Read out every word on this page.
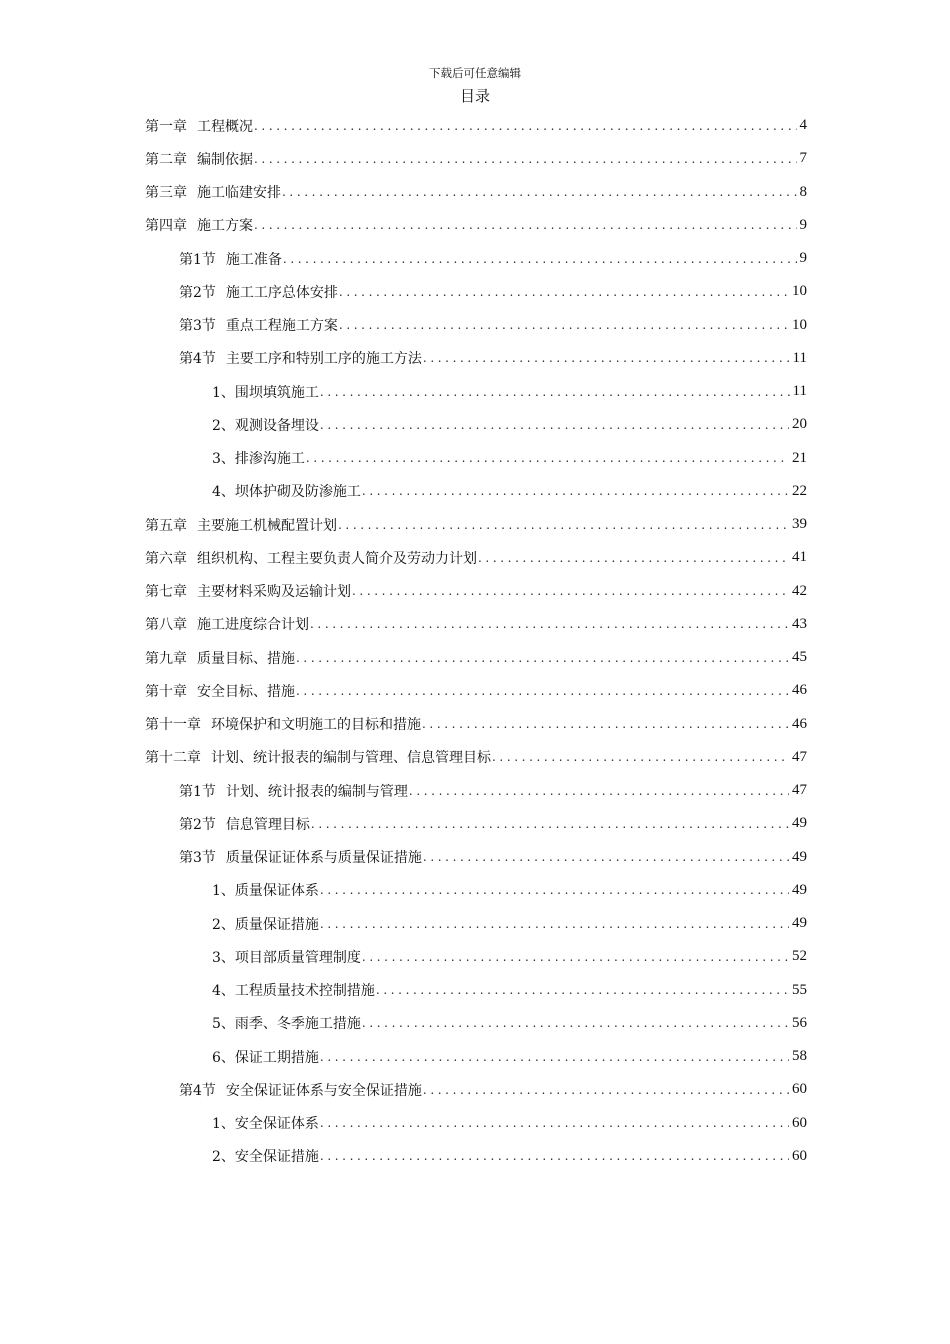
下载后可任意编辑
目录
第一章 工程概况 .....	4
第二章 编制依据 .....	7
第三章 施工临建安排 .....	8
第四章 施工方案 .....	9
第1节 施工准备 .....	9
第2节 施工工序总体安排 .....	10
第3节 重点工程施工方案 .....	10
第4节 主要工序和特别工序的施工方法 .....	11
1、 围坝填筑施工 .....	11
2、 观测设备埋设 .....	20
3、 排渗沟施工 .....	21
4、 坝体护砌及防渗施工 .....	22
第五章 主要施工机械配置计划 .....	39
第六章 组织机构、工程主要负责人简介及劳动力计划 .....	41
第七章 主要材料采购及运输计划 .....	42
第八章 施工进度综合计划 .....	43
第九章 质量目标、措施 .....	45
第十章 安全目标、措施 .....	46
第十一章 环境保护和文明施工的目标和措施 .....	46
第十二章 计划、统计报表的编制与管理、信息管理目标 .....	47
第1节 计划、统计报表的编制与管理 .....	47
第2节 信息管理目标 .....	49
第3节 质量保证证体系与质量保证措施 .....	49
1、 质量保证体系 .....	49
2、 质量保证措施 .....	49
3、 项目部质量管理制度 .....	52
4、 工程质量技术控制措施 .....	55
5、 雨季、冬季施工措施 .....	56
6、 保证工期措施 .....	58
第4节 安全保证证体系与安全保证措施 .....	60
1、 安全保证体系 .....	60
2、 安全保证措施 .....	60
